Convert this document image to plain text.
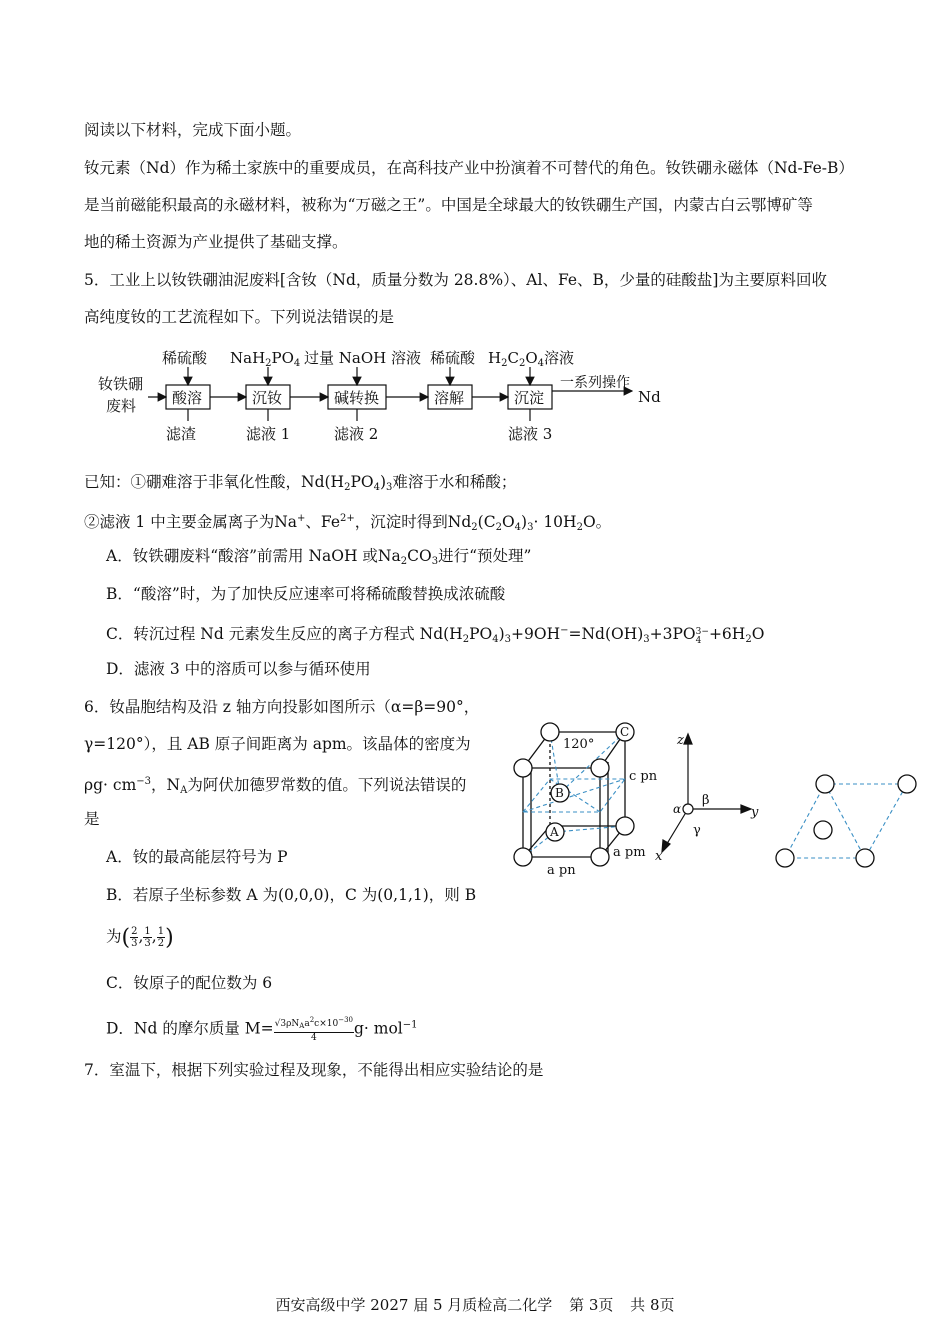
阅读以下材料，完成下面小题。
钕元素（Nd）作为稀土家族中的重要成员，在高科技产业中扮演着不可替代的角色。钕铁硼永磁体（Nd-Fe-B）
是当前磁能积最高的永磁材料，被称为“万磁之王”。中国是全球最大的钕铁硼生产国，内蒙古白云鄂博矿等
地的稀土资源为产业提供了基础支撑。
5．工业上以钕铁硼油泥废料[含钕（Nd，质量分数为 28.8%）、Al、Fe、B，少量的硅酸盐]为主要原料回收
高纯度钕的工艺流程如下。下列说法错误的是
钕铁硼
废料 酸溶	沉钕	碱转换	溶解	沉淀
一系列操作
Nd
稀硫酸 $NaH_2PO_4$ 过量 NaOH 溶液 稀硫酸 $H_2C_2O_4$溶液
滤渣	滤液 1	滤液 2	滤液 3
已知：①硼难溶于非氧化性酸，$Nd(H_2PO_4)_3$难溶于水和稀酸；
②滤液 1 中主要金属离子为Na+、$Fe^{2+}$，沉淀时得到$Nd_2(C_2O_4)_3\cdot 10H_2O$。
A．钕铁硼废料“酸溶”前需用 NaOH 或$Na_2CO_3$进行“预处理”
B．“酸溶”时，为了加快反应速率可将稀硫酸替换成浓硫酸
C．转沉过程 Nd 元素发生反应的离子方程式 $Nd(H_2PO_4)_3+9OH^-=Nd(OH)_3+3PO$ 3−
$4 +6H_2O$
D．滤液 3 中的溶质可以参与循环使用
6．钕晶胞结构及沿 z 轴方向投影如图所示（α=β=90°，
γ=120°），且 AB 原子间距离为 apm。该晶体的密度为
$\rho g\cdot cm^{-3}$，$N_A$为阿伏加德罗常数的值。下列说法错误的
是
A．钕的最高能层符号为 P
B．若原子坐标参数 A 为(0,0,0)，C 为(0,1,1)，则 B
为( $\frac{2}{3}$ , $\frac{1}{3}$ , $\frac{1}{2}$ )
C．钕原子的配位数为 6
D．Nd 的摩尔质量 $M= \frac{√3\rho N_Aa^2c\times 10^{-30}}{4} g\cdot mol^{-1}$
C
B
A
120°
c pn
a pm
a pn
z
y
x
α
β
γ
7．室温下，根据下列实验过程及现象，不能得出相应实验结论的是
西安高级中学 2027 届 5 月质检高二化学 第 3页 共 8页
